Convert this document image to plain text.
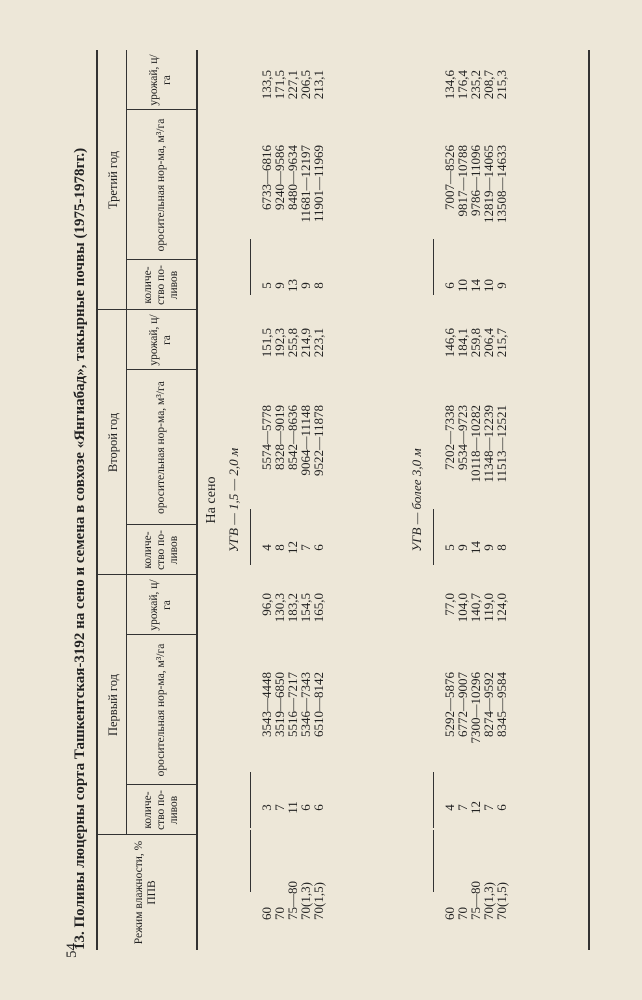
54
13. Поливы люцерны сорта Ташкентская-3192 на сено и семена в совхозе «Янгиабад», такырные почвы (1975-1978гг.)	Режим влажности, % ППВ
Первый год
Второй год
Третий год
количе-ство по-ливов
оросительная нор-ма, м³/га
урожай, ц/га
количе-ство по-ливов
оросительная нор-ма, м³/га
урожай, ц/га
количе-ство по-ливов
оросительная нор-ма, м³/га
урожай, ц/га
На сено УГВ — 1,5 — 2,0 м	УГВ — более 3,0 м
60
70
75—80
70(1,3)
70(1,5)
3
7
11
6
6
3543—4448
3519—6850
5516—7217
5346—7343
6510—8142
96,0
130,3
183,2
154,5
165,0
4
8
12
7
6
5574—5778
8328—9019
8542—8636
9064—11148
9522—11878
151,5
192,3
255,8
214,9
223,1
5
9
13
9
8
6733—6816
9240—9586
8480—9634
11681—12197
11901—11969
133,5
171,5
227,1
206,5
213,1
60
70
75—80
70(1,3)
70(1,5)
4
7
12
7
6
5292—5876
6772—9007
7300—10296
8274—9592
8345—9584
77,0
104,0
140,7
119,0
124,0
5
9
14
9
8
7202—7338
9534—9723
10118—10282
11348—12239
11513—12521
146,6
184,1
259,8
206,4
215,7
6
10
14
10
9
7007—8526
9817—10788
9786—11096
12819—14065
13508—14633
134,6
176,4
235,2
208,7
215,3
